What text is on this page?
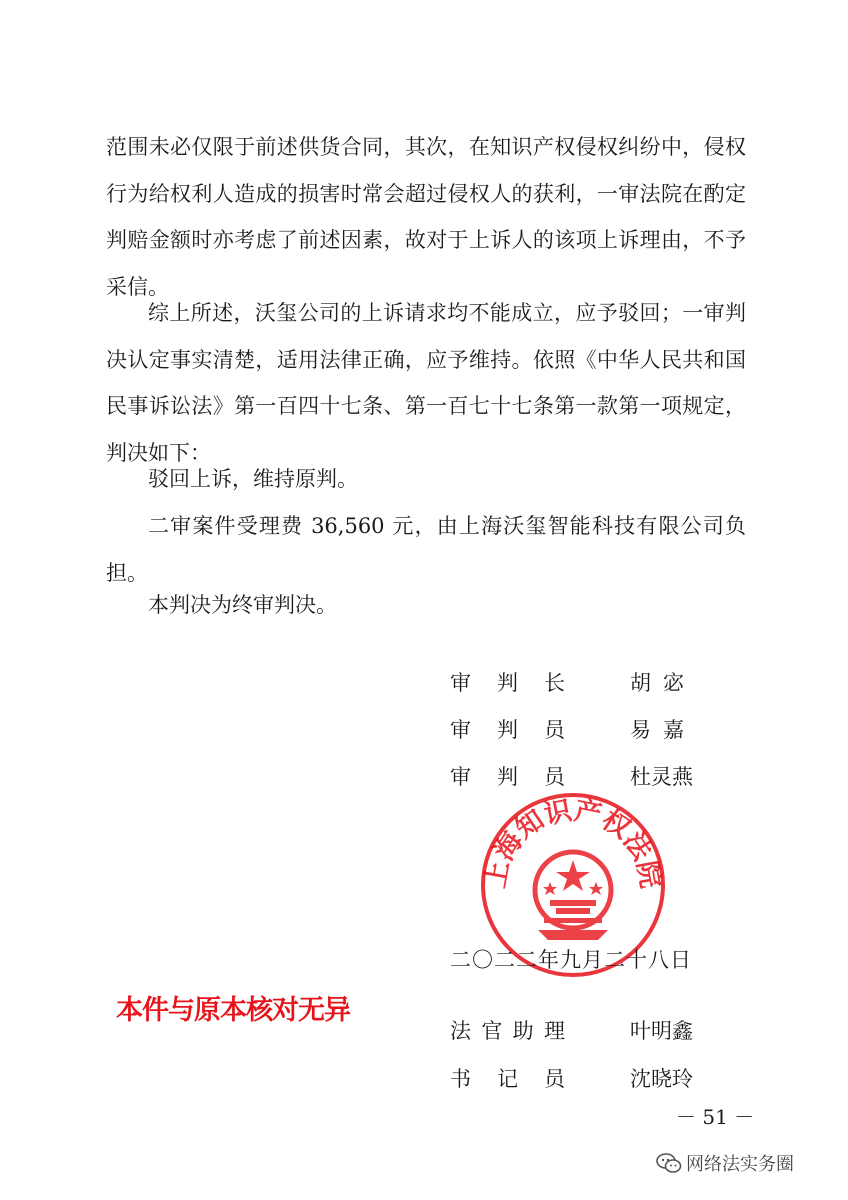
范围未必仅限于前述供货合同，其次，在知识产权侵权纠纷中，侵权行为给权利人造成的损害时常会超过侵权人的获利，一审法院在酌定判赔金额时亦考虑了前述因素，故对于上诉人的该项上诉理由，不予采信。

综上所述，沃玺公司的上诉请求均不能成立，应予驳回；一审判决认定事实清楚，适用法律正确，应予维持。依照《中华人民共和国民事诉讼法》第一百四十七条、第一百七十七条第一款第一项规定，判决如下：

驳回上诉，维持原判。

二审案件受理费 36,560 元，由上海沃玺智能科技有限公司负担。

本判决为终审判决。

审 判 长	胡宓
审 判 员	易嘉
审 判 员	杜灵燕
上海知识产权法院
二〇二二年九月二十八日
本件与原本核对无异
法 官 助 理	叶明鑫
书 记 员	沈晓玲
－ 51 －
网络法实务圈
